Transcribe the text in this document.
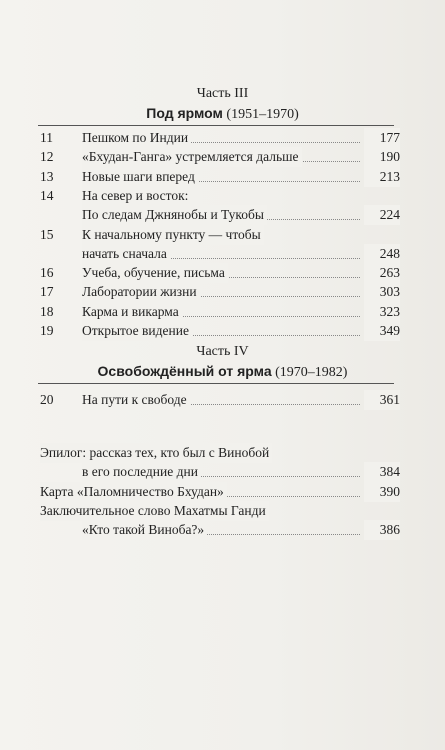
Часть III
Под ярмом (1951–1970)
11	Пешком по Индии	177
12	«Бхудан-Ганга» устремляется дальше	190
13	Новые шаги вперед	213
14	На север и восток:
По следам Джнянобы и Тукобы	224
15	К начальному пункту — чтобы
начать сначала	248
16	Учеба, обучение, письма	263
17	Лаборатории жизни	303
18	Карма и викарма	323
19	Открытое видение	349
Часть IV
Освобождённый от ярма (1970–1982)
20	На пути к свободе	361
Эпилог: рассказ тех, кто был с Винобой
в его последние дни	384
Карта «Паломничество Бхудан»	390
Заключительное слово Махатмы Ганди
«Кто такой Виноба?»	386
